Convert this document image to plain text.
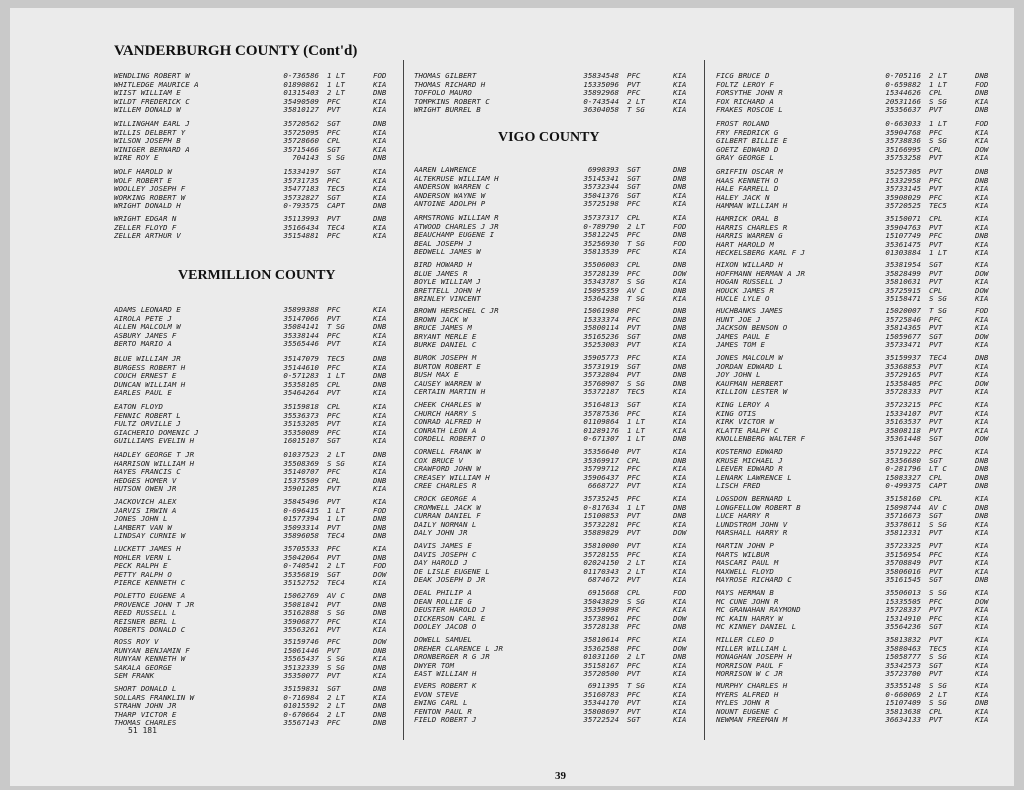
VANDERBURGH COUNTY (Cont'd)
VERMILLION COUNTY
VIGO COUNTY
WENDLING ROBERT W	0-736586	1 LT	FOD
WHITLEDGE MAURICE A	01890861	1 LT	KIA
WIIST WILLIAM E	01315403	2 LT	DNB
WILDT FREDERICK C	35490509	PFC	KIA
WILLEM DONALD W	35810127	PVT	KIA
WILLINGHAM EARL J	35720562	SGT	DNB
WILLIS DELBERT Y	35725095	PFC	KIA
WILSON JOSEPH B	35728660	CPL	KIA
WINIGER BERNARD A	35715466	SGT	KIA
WIRE ROY E	704143	S SG	DNB
WOLF HAROLD W	15334197	SGT	KIA
WOLF ROBERT E	35731735	PFC	KIA
WOOLLEY JOSEPH F	35477183	TEC5	KIA
WORKING ROBERT W	35732827	SGT	KIA
WRIGHT DONALD H	0-793575	CAPT	DNB
WRIGHT EDGAR N	35113993	PVT	DNB
ZELLER FLOYD F	35166434	TEC4	KIA
ZELLER ARTHUR V	35154881	PFC	KIA
ADAMS LEONARD E	35899388	PFC	KIA
AIROLA PETE J	35147066	PVT	KIA
ALLEN MALCOLM W	35084141	T SG	DNB
ASBURY JAMES F	35338144	PFC	KIA
BERTO MARIO A	35565446	PVT	KIA
BLUE WILLIAM JR	35147079	TEC5	DNB
BURGESS ROBERT H	35144610	PFC	KIA
COUCH ERNEST E	0-571283	1 LT	DNB
DUNCAN WILLIAM H	35358105	CPL	DNB
EARLES PAUL E	35464264	PVT	KIA
EATON FLOYD	35159818	CPL	KIA
FENNIC ROBERT L	35536373	PFC	KIA
FULTZ ORVILLE J	35153205	PVT	KIA
GIACHERIO DOMENIC J	35350089	PFC	KIA
GUILLIAMS EVELIN H	16015107	SGT	KIA
HADLEY GEORGE T JR	01037523	2 LT	DNB
HARRISON WILLIAM H	35508369	S SG	KIA
HAYES FRANCIS C	35140707	PFC	KIA
HEDGES HOMER V	15375509	CPL	DNB
HUTSON OWEN JR	35901285	PVT	KIA
JACKOVICH ALEX	35845496	PVT	KIA
JARVIS IRWIN A	0-696415	1 LT	FOD
JONES JOHN L	01577394	1 LT	DNB
LAMBERT VAN W	35093314	PVT	DNB
LINDSAY CURNIE W	35896058	TEC4	DNB
LUCKETT JAMES H	35705533	PFC	KIA
MOHLER VERN L	35042064	PVT	DNB
PECK RALPH E	0-740541	2 LT	FOD
PETTY RALPH O	35356819	SGT	DOW
PIERCE KENNETH C	35152752	TEC4	KIA
POLETTO EUGENE A	15062769	AV C	DNB
PROVENCE JOHN T JR	35081841	PVT	DNB
REED RUSSELL L	35162888	S SG	DNB
REISNER BERL L	35906877	PFC	KIA
ROBERTS DONALD C	35563261	PVT	KIA
ROSS ROY V	35159746	PFC	DOW
RUNYAN BENJAMIN F	15061446	PVT	DNB
RUNYAN KENNETH W	35565437	S SG	KIA
SAKALA GEORGE	35132339	S SG	DNB
SEM FRANK	35350077	PVT	KIA
SHORT DONALD L	35159831	SGT	DNB
SOLLARS FRANKLIN W	0-716984	2 LT	KIA
STRAHN JOHN JR	01015592	2 LT	DNB
THARP VICTOR E	0-670664	2 LT	DNB
THOMAS CHARLES	35567143	PFC	DNB
THOMAS GILBERT	35834548	PFC	KIA
THOMAS RICHARD H	15335096	PVT	KIA
TOFFOLO MAURO	35892968	PFC	KIA
TOMPKINS ROBERT C	0-743544	2 LT	KIA
WRIGHT BURREL B	36304058	T SG	KIA
AAREN LAWRENCE	6990393	SGT	DNB
ALTEKRUSE WILLIAM H	35145341	SGT	DNB
ANDERSON WARREN C	35732344	SGT	DNB
ANDERSON WAYNE W	35041376	SGT	KIA
ANTOINE ADOLPH P	35725198	PFC	KIA
ARMSTRONG WILLIAM R	35737317	CPL	KIA
ATWOOD CHARLES J JR	0-789790	2 LT	FOD
BEAUCHAMP EUGENE I	35812245	PFC	DNB
BEAL JOSEPH J	35256930	T SG	FOD
BEDWELL JAMES W	35813539	PFC	KIA
BIRD HOWARD H	35506003	CPL	DNB
BLUE JAMES R	35728139	PFC	DOW
BOYLE WILLIAM J	35343787	S SG	KIA
BRETTELL JOHN H	15095359	AV C	DNB
BRINLEY VINCENT	35364238	T SG	KIA
BROWN HERSCHEL C JR	15061980	PFC	DNB
BROWN JACK W	15333374	PFC	DNB
BRUCE JAMES M	35800114	PVT	DNB
BRYANT MERLE E	35165236	SGT	DNB
BURKE DANIEL C	35253003	PVT	KIA
BUROK JOSEPH M	35905773	PFC	KIA
BURTON ROBERT E	35731919	SGT	DNB
BUSH MAX E	35732804	PVT	DNB
CAUSEY WARREN W	35760907	S SG	DNB
CERTAIN MARTIN H	35372187	TEC5	KIA
CHEEK CHARLES W	35164813	SGT	KIA
CHURCH HARRY S	35787536	PFC	KIA
CONRAD ALFRED H	01109864	1 LT	KIA
CONRATH LEON A	01289176	1 LT	KIA
CORDELL ROBERT O	0-671307	1 LT	DNB
CORNELL FRANK W	35356640	PVT	KIA
COX BRUCE V	35369917	CPL	DNB
CRAWFORD JOHN W	35799712	PFC	KIA
CREASEY WILLIAM H	35906437	PFC	KIA
CREE CHARLES R	6668727	PVT	KIA
CROCK GEORGE A	35735245	PFC	KIA
CROMWELL JACK W	0-817634	1 LT	DNB
CURRAN DANIEL F	15100853	PVT	DNB
DAILY NORMAN L	35732281	PFC	KIA
DALY JOHN JR	35889829	PVT	DOW
DAVIS JAMES E	35810000	PVT	KIA
DAVIS JOSEPH C	35728155	PFC	KIA
DAY HAROLD J	02024150	2 LT	KIA
DE LISLE EUGENE L	01170343	2 LT	KIA
DEAK JOSEPH D JR	6874672	PVT	KIA
DEAL PHILIP A	6915668	CPL	FOD
DEAN ROLLIE G	35043829	S SG	KIA
DEUSTER HAROLD J	35359098	PFC	KIA
DICKERSON CARL E	35738961	PFC	DOW
DOOLEY JACOB O	35728138	PFC	DNB
DOWELL SAMUEL	35810614	PFC	KIA
DREHER CLARENCE L JR	35362588	PFC	DOW
DRONBERGER R G JR	01031160	2 LT	DNB
DWYER TOM	35158167	PFC	KIA
EAST WILLIAM H	35720500	PVT	KIA
EVERS ROBERT K	6911395	T SG	KIA
EVON STEVE	35160783	PFC	KIA
EWING CARL L	35344170	PVT	KIA
FENTON PAUL R	35808697	PVT	KIA
FIELD ROBERT J	35722524	SGT	KIA
FICG BRUCE D	0-705116	2 LT	DNB
FOLTZ LEROY F	0-659882	1 LT	FOD
FORSYTHE JOHN R	15344626	CPL	DNB
FOX RICHARD A	20531166	S SG	KIA
FRAKES ROSCOE L	35356637	PVT	DNB
FROST ROLAND	0-663033	1 LT	FOD
FRY FREDRICK G	35904768	PFC	KIA
GILBERT BILLIE E	35738836	S SG	KIA
GOETZ EDWARD D	35166995	CPL	DOW
GRAY GEORGE L	35753258	PVT	KIA
GRIFFIN OSCAR M	35257305	PVT	DNB
HAAS KENNETH O	15332958	PFC	DNB
HALE FARRELL D	35733145	PVT	KIA
HALEY JACK N	35908029	PFC	KIA
HAMMAN WILLIAM H	35720525	TEC5	KIA
HAMRICK ORAL B	35150071	CPL	KIA
HARRIS CHARLES R	35904763	PVT	KIA
HARRIS WARREN G	15107749	PFC	DNB
HART HAROLD M	35361475	PVT	KIA
HECKELSBERG KARL F J	01303884	1 LT	KIA
HIXON WILLARD H	35381954	SGT	KIA
HOFFMANN HERMAN A JR	35828499	PVT	DOW
HOGAN RUSSELL J	35810631	PVT	KIA
HOUCK JAMES R	35725915	CPL	DOW
HUCLE LYLE O	35158471	S SG	KIA
HUCHBANKS JAMES	15020007	T SG	FOD
HUNT JOE J	35725846	PFC	KIA
JACKSON BENSON O	35814365	PVT	KIA
JAMES PAUL E	15059677	SGT	DOW
JAMES TOM E	35733471	PVT	KIA
JONES MALCOLM W	35159937	TEC4	DNB
JORDAN EDWARD L	35368853	PVT	KIA
JOY JOHN L	35729165	PVT	KIA
KAUFMAN HERBERT	15358405	PFC	DOW
KILLION LESTER W	35728333	PVT	KIA
KING LEROY A	35723215	PFC	KIA
KING OTIS	15334107	PVT	KIA
KIRK VICTOR W	35163537	PVT	KIA
KLATTE RALPH C	35808118	PVT	KIA
KNOLLENBERG WALTER F	35361448	SGT	DOW
KOSTERNO EDWARD	35719222	PFC	KIA
KRUSE MICHAEL J	35356680	SGT	DNB
LEEVER EDWARD R	0-281796	LT C	DNB
LENARK LAWRENCE L	15083327	CPL	DNB
LISCH FRED	0-499375	CAPT	DNB
LOGSDON BERNARD L	35158160	CPL	KIA
LONGFELLOW ROBERT B	15098744	AV C	DNB
LUCE HARRY R	35716673	SGT	DNB
LUNDSTROM JOHN V	35378611	S SG	KIA
MARSHALL HARRY R	35812331	PVT	KIA
MARTIN JOHN P	35723325	PVT	KIA
MARTS WILBUR	35156954	PFC	KIA
MASCARI PAUL M	35708849	PVT	KIA
MAXWELL FLOYD	35806016	PVT	KIA
MAYROSE RICHARD C	35161545	SGT	DNB
MAYS HERMAN B	35506013	S SG	KIA
MC CUNE JOHN R	15335505	PFC	DOW
MC GRANAHAN RAYMOND	35728337	PVT	KIA
MC KAIN HARRY W	15314910	PFC	KIA
MC KINNEY DANIEL L	35564236	SGT	KIA
MILLER CLEO D	35813832	PVT	KIA
MILLER WILLIAM L	35880463	TEC5	KIA
MONAGHAN JOSEPH H	15058777	S SG	KIA
MORRISON PAUL F	35342573	SGT	KIA
MORRISON W C JR	35723700	PVT	KIA
MURPHY CHARLES H	35355148	S SG	KIA
MYERS ALFRED H	0-660069	2 LT	KIA
MYLES JOHN R	15107409	S SG	DNB
NOUNT EUGENE C	35813638	CPL	KIA
NEWMAN FREEMAN M	36634133	PVT	KIA
51 181
39
